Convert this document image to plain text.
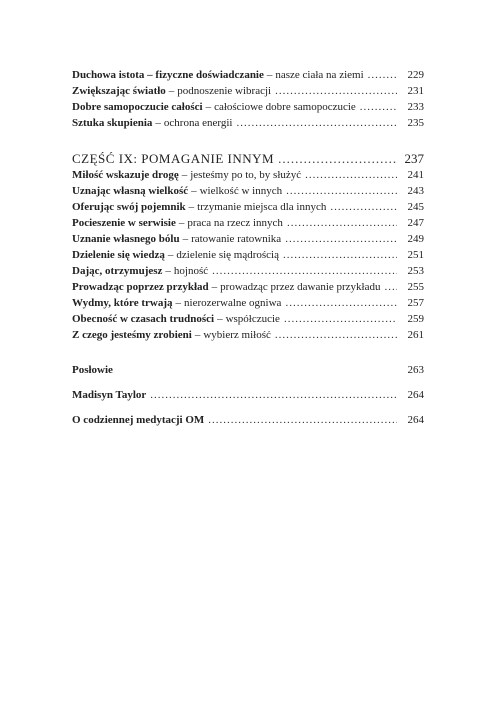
Duchowa istota – fizyczne doświadczanie – nasze ciała na ziemi .....	229
Zwiększając światło – podnoszenie wibracji .....	231
Dobre samopoczucie całości – całościowe dobre samopoczucie .....	233
Sztuka skupienia – ochrona energii .....	235
CZĘŚĆ IX: POMAGANIE INNYM .....	237
Miłość wskazuje drogę – jesteśmy po to, by służyć .....	241
Uznając własną wielkość – wielkość w innych .....	243
Oferując swój pojemnik – trzymanie miejsca dla innych .....	245
Pocieszenie w serwisie – praca na rzecz innych .....	247
Uznanie własnego bólu – ratowanie ratownika .....	249
Dzielenie się wiedzą – dzielenie się mądrością .....	251
Dając, otrzymujesz – hojność .....	253
Prowadząc poprzez przykład – prowadząc przez dawanie przykładu .....	255
Wydmy, które trwają – nierozerwalne ogniwa .....	257
Obecność w czasach trudności – współczucie .....	259
Z czego jesteśmy zrobieni – wybierz miłość .....	261
Posłowie	263
Madisyn Taylor .....	264
O codziennej medytacji OM .....	264
